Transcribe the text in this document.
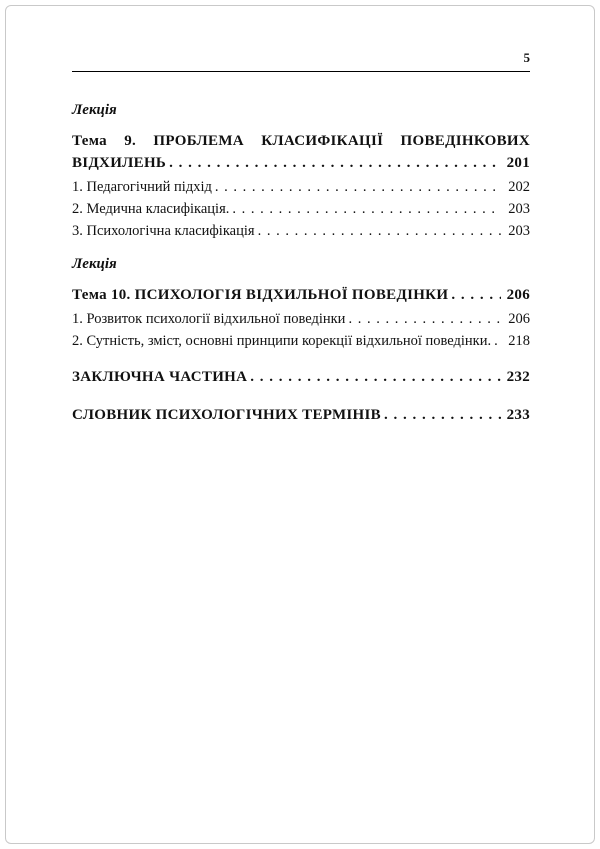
5
Лекція
Тема 9. ПРОБЛЕМА КЛАСИФІКАЦІЇ ПОВЕДІНКОВИХ
ВІДХИЛЕНЬ . . .	201
1. Педагогічний підхід . . .	202
2. Медична класифікація. . . .	203
3. Психологічна класифікація . . .	203
Лекція
Тема 10. ПСИХОЛОГІЯ ВІДХИЛЬНОЇ ПОВЕДІНКИ . . .	206
1. Розвиток психології відхильної поведінки . . .	206
2. Сутність, зміст, основні принципи корекції відхильної поведінки. . . . 218
ЗАКЛЮЧНА ЧАСТИНА . . .	232
СЛОВНИК ПСИХОЛОГІЧНИХ ТЕРМІНІВ . . .	233
